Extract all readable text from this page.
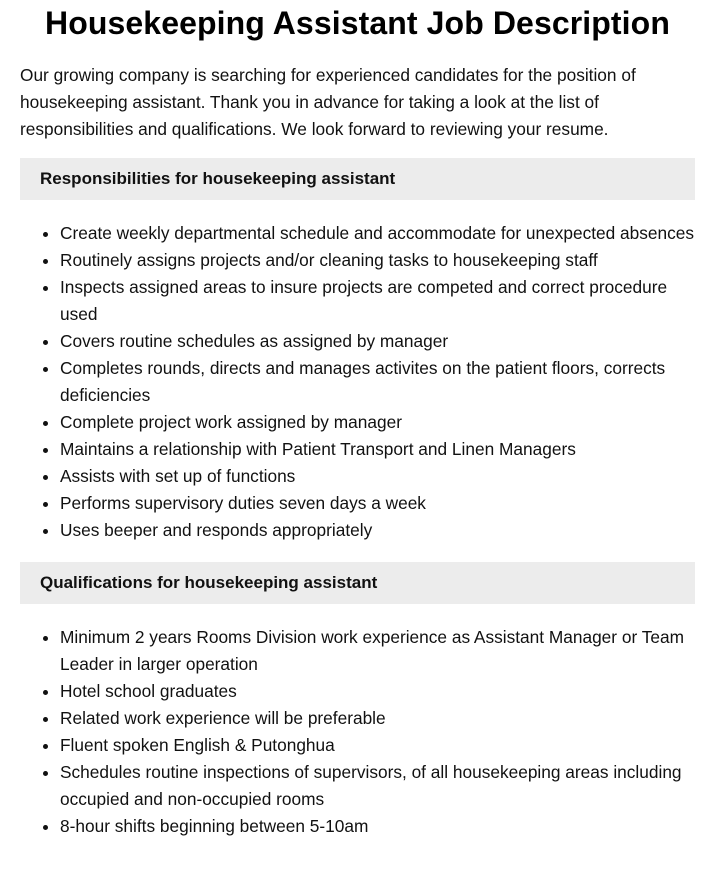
Housekeeping Assistant Job Description

Our growing company is searching for experienced candidates for the position of housekeeping assistant. Thank you in advance for taking a look at the list of responsibilities and qualifications. We look forward to reviewing your resume.

Responsibilities for housekeeping assistant
• Create weekly departmental schedule and accommodate for unexpected absences
• Routinely assigns projects and/or cleaning tasks to housekeeping staff
• Inspects assigned areas to insure projects are competed and correct procedure used
• Covers routine schedules as assigned by manager
• Completes rounds, directs and manages activites on the patient floors, corrects deficiencies
• Complete project work assigned by manager
• Maintains a relationship with Patient Transport and Linen Managers
• Assists with set up of functions
• Performs supervisory duties seven days a week
• Uses beeper and responds appropriately
Qualifications for housekeeping assistant
• Minimum 2 years Rooms Division work experience as Assistant Manager or Team Leader in larger operation
• Hotel school graduates
• Related work experience will be preferable
• Fluent spoken English & Putonghua
• Schedules routine inspections of supervisors, of all housekeeping areas including occupied and non-occupied rooms
• 8-hour shifts beginning between 5-10am
